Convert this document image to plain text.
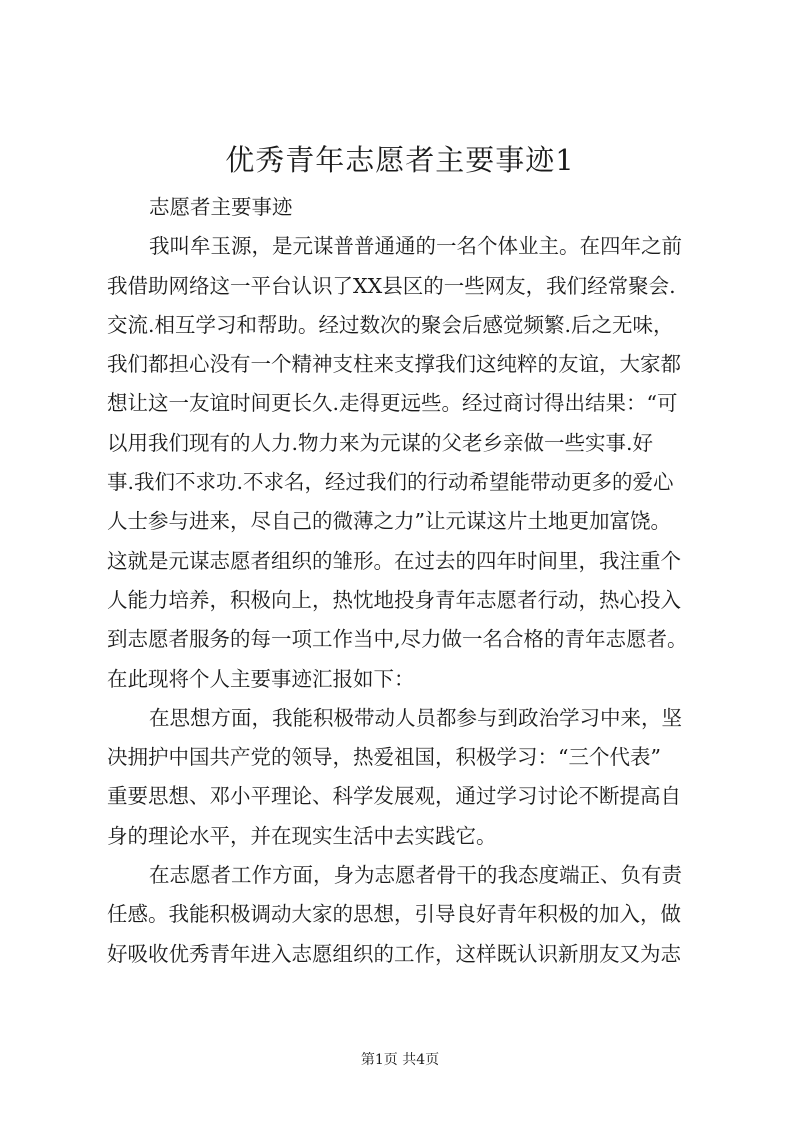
优秀青年志愿者主要事迹1

志愿者主要事迹

我叫牟玉源，是元谋普普通通的一名个体业主。在四年之前

我借助网络这一平台认识了XX县区的一些网友，我们经常聚会.

交流.相互学习和帮助。经过数次的聚会后感觉频繁.后之无味，

我们都担心没有一个精神支柱来支撑我们这纯粹的友谊，大家都

想让这一友谊时间更长久.走得更远些。经过商讨得出结果：“可

以用我们现有的人力.物力来为元谋的父老乡亲做一些实事.好

事.我们不求功.不求名，经过我们的行动希望能带动更多的爱心

人士参与进来，尽自己的微薄之力”让元谋这片土地更加富饶。

这就是元谋志愿者组织的雏形。在过去的四年时间里，我注重个

人能力培养，积极向上，热忱地投身青年志愿者行动，热心投入

到志愿者服务的每一项工作当中,尽力做一名合格的青年志愿者。

在此现将个人主要事迹汇报如下：

在思想方面，我能积极带动人员都参与到政治学习中来，坚

决拥护中国共产党的领导，热爱祖国，积极学习：“三个代表”

重要思想、邓小平理论、科学发展观，通过学习讨论不断提高自

身的理论水平，并在现实生活中去实践它。

在志愿者工作方面，身为志愿者骨干的我态度端正、负有责

任感。我能积极调动大家的思想，引导良好青年积极的加入，做

好吸收优秀青年进入志愿组织的工作，这样既认识新朋友又为志

第1页 共4页
